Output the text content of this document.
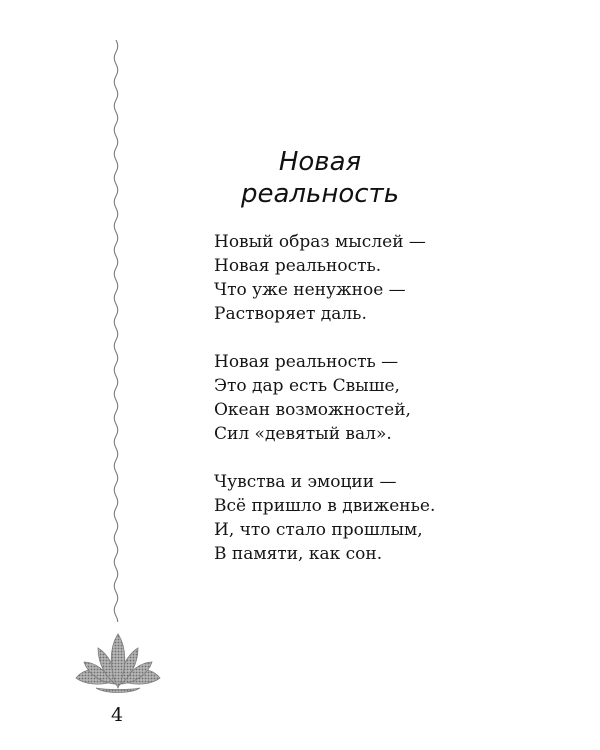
Новая
реальность
Новый образ мыслей —
Новая реальность.
Что уже ненужное —
Растворяет даль.
Новая реальность —
Это дар есть Свыше,
Океан возможностей,
Сил «девятый вал».
Чувства и эмоции —
Всё пришло в движенье.
И, что стало прошлым,
В памяти, как сон.
4
